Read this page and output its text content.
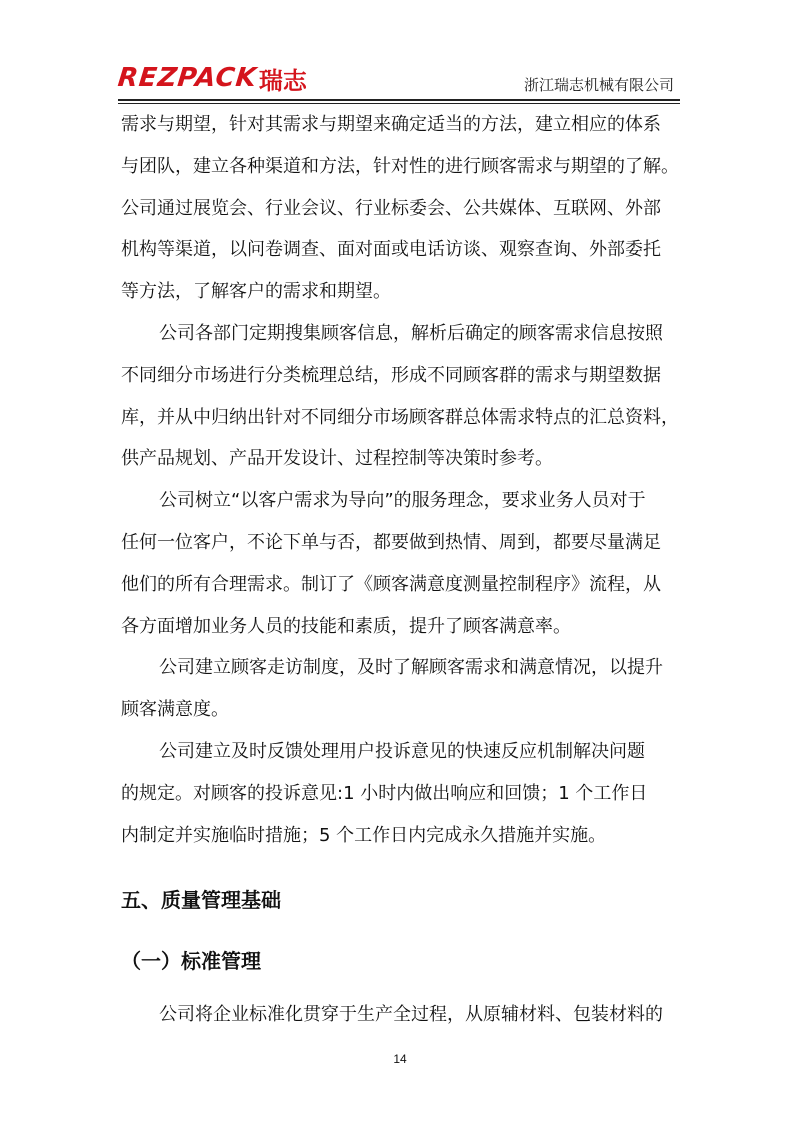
REZPACK 瑞志	浙江瑞志机械有限公司

需求与期望，针对其需求与期望来确定适当的方法，建立相应的体系
与团队，建立各种渠道和方法，针对性的进行顾客需求与期望的了解。
公司通过展览会、行业会议、行业标委会、公共媒体、互联网、外部
机构等渠道，以问卷调查、面对面或电话访谈、观察查询、外部委托
等方法，了解客户的需求和期望。

公司各部门定期搜集顾客信息，解析后确定的顾客需求信息按照
不同细分市场进行分类梳理总结，形成不同顾客群的需求与期望数据
库，并从中归纳出针对不同细分市场顾客群总体需求特点的汇总资料，
供产品规划、产品开发设计、过程控制等决策时参考。

公司树立“以客户需求为导向”的服务理念，要求业务人员对于
任何一位客户，不论下单与否，都要做到热情、周到，都要尽量满足
他们的所有合理需求。制订了《顾客满意度测量控制程序》流程，从
各方面增加业务人员的技能和素质，提升了顾客满意率。

公司建立顾客走访制度，及时了解顾客需求和满意情况，以提升
顾客满意度。

公司建立及时反馈处理用户投诉意见的快速反应机制解决问题
的规定。对顾客的投诉意见:1 小时内做出响应和回馈；1 个工作日
内制定并实施临时措施；5 个工作日内完成永久措施并实施。

五、质量管理基础
（一）标准管理
公司将企业标准化贯穿于生产全过程，从原辅材料、包装材料的
14
